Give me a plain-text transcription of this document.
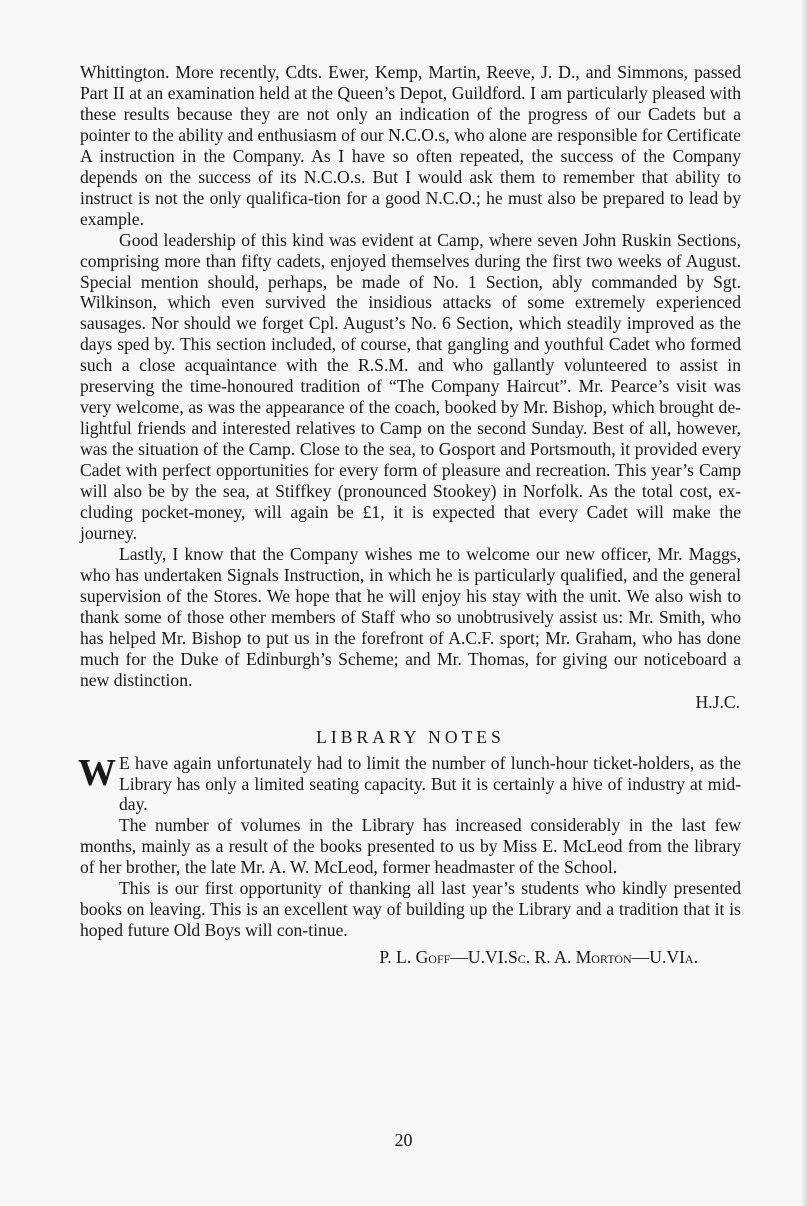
Whittington. More recently, Cdts. Ewer, Kemp, Martin, Reeve, J. D., and Simmons, passed Part II at an examination held at the Queen’s Depot, Guildford. I am particularly pleased with these results because they are not only an indication of the progress of our Cadets but a pointer to the ability and enthusiasm of our N.C.O.s, who alone are responsible for Certificate A instruction in the Company. As I have so often repeated, the success of the Company depends on the success of its N.C.O.s. But I would ask them to remember that ability to instruct is not the only qualifica-tion for a good N.C.O.; he must also be prepared to lead by example.

Good leadership of this kind was evident at Camp, where seven John Ruskin Sections, comprising more than fifty cadets, enjoyed themselves during the first two weeks of August. Special mention should, perhaps, be made of No. 1 Section, ably commanded by Sgt. Wilkinson, which even survived the insidious attacks of some extremely experienced sausages. Nor should we forget Cpl. August’s No. 6 Section, which steadily improved as the days sped by. This section included, of course, that gangling and youthful Cadet who formed such a close acquaintance with the R.S.M. and who gallantly volunteered to assist in preserving the time-honoured tradition of “The Company Haircut”. Mr. Pearce’s visit was very welcome, as was the appearance of the coach, booked by Mr. Bishop, which brought de-lightful friends and interested relatives to Camp on the second Sunday. Best of all, however, was the situation of the Camp. Close to the sea, to Gosport and Portsmouth, it provided every Cadet with perfect opportunities for every form of pleasure and recreation. This year’s Camp will also be by the sea, at Stiffkey (pronounced Stookey) in Norfolk. As the total cost, ex-cluding pocket-money, will again be £1, it is expected that every Cadet will make the journey.

Lastly, I know that the Company wishes me to welcome our new officer, Mr. Maggs, who has undertaken Signals Instruction, in which he is particularly qualified, and the general supervision of the Stores. We hope that he will enjoy his stay with the unit. We also wish to thank some of those other members of Staff who so unobtrusively assist us: Mr. Smith, who has helped Mr. Bishop to put us in the forefront of A.C.F. sport; Mr. Graham, who has done much for the Duke of Edinburgh’s Scheme; and Mr. Thomas, for giving our noticeboard a new distinction.

H.J.C.
LIBRARY NOTES

W E have again unfortunately had to limit the number of lunch-hour ticket-holders, as the Library has only a limited seating capacity. But it is certainly a hive of industry at mid-day.

The number of volumes in the Library has increased considerably in the last few months, mainly as a result of the books presented to us by Miss E. McLeod from the library of her brother, the late Mr. A. W. McLeod, former headmaster of the School.

This is our first opportunity of thanking all last year’s students who kindly presented books on leaving. This is an excellent way of building up the Library and a tradition that it is hoped future Old Boys will con-tinue.

P. L. Goff—U.VI.Sc. R. A. Morton—U.VIa.
20
